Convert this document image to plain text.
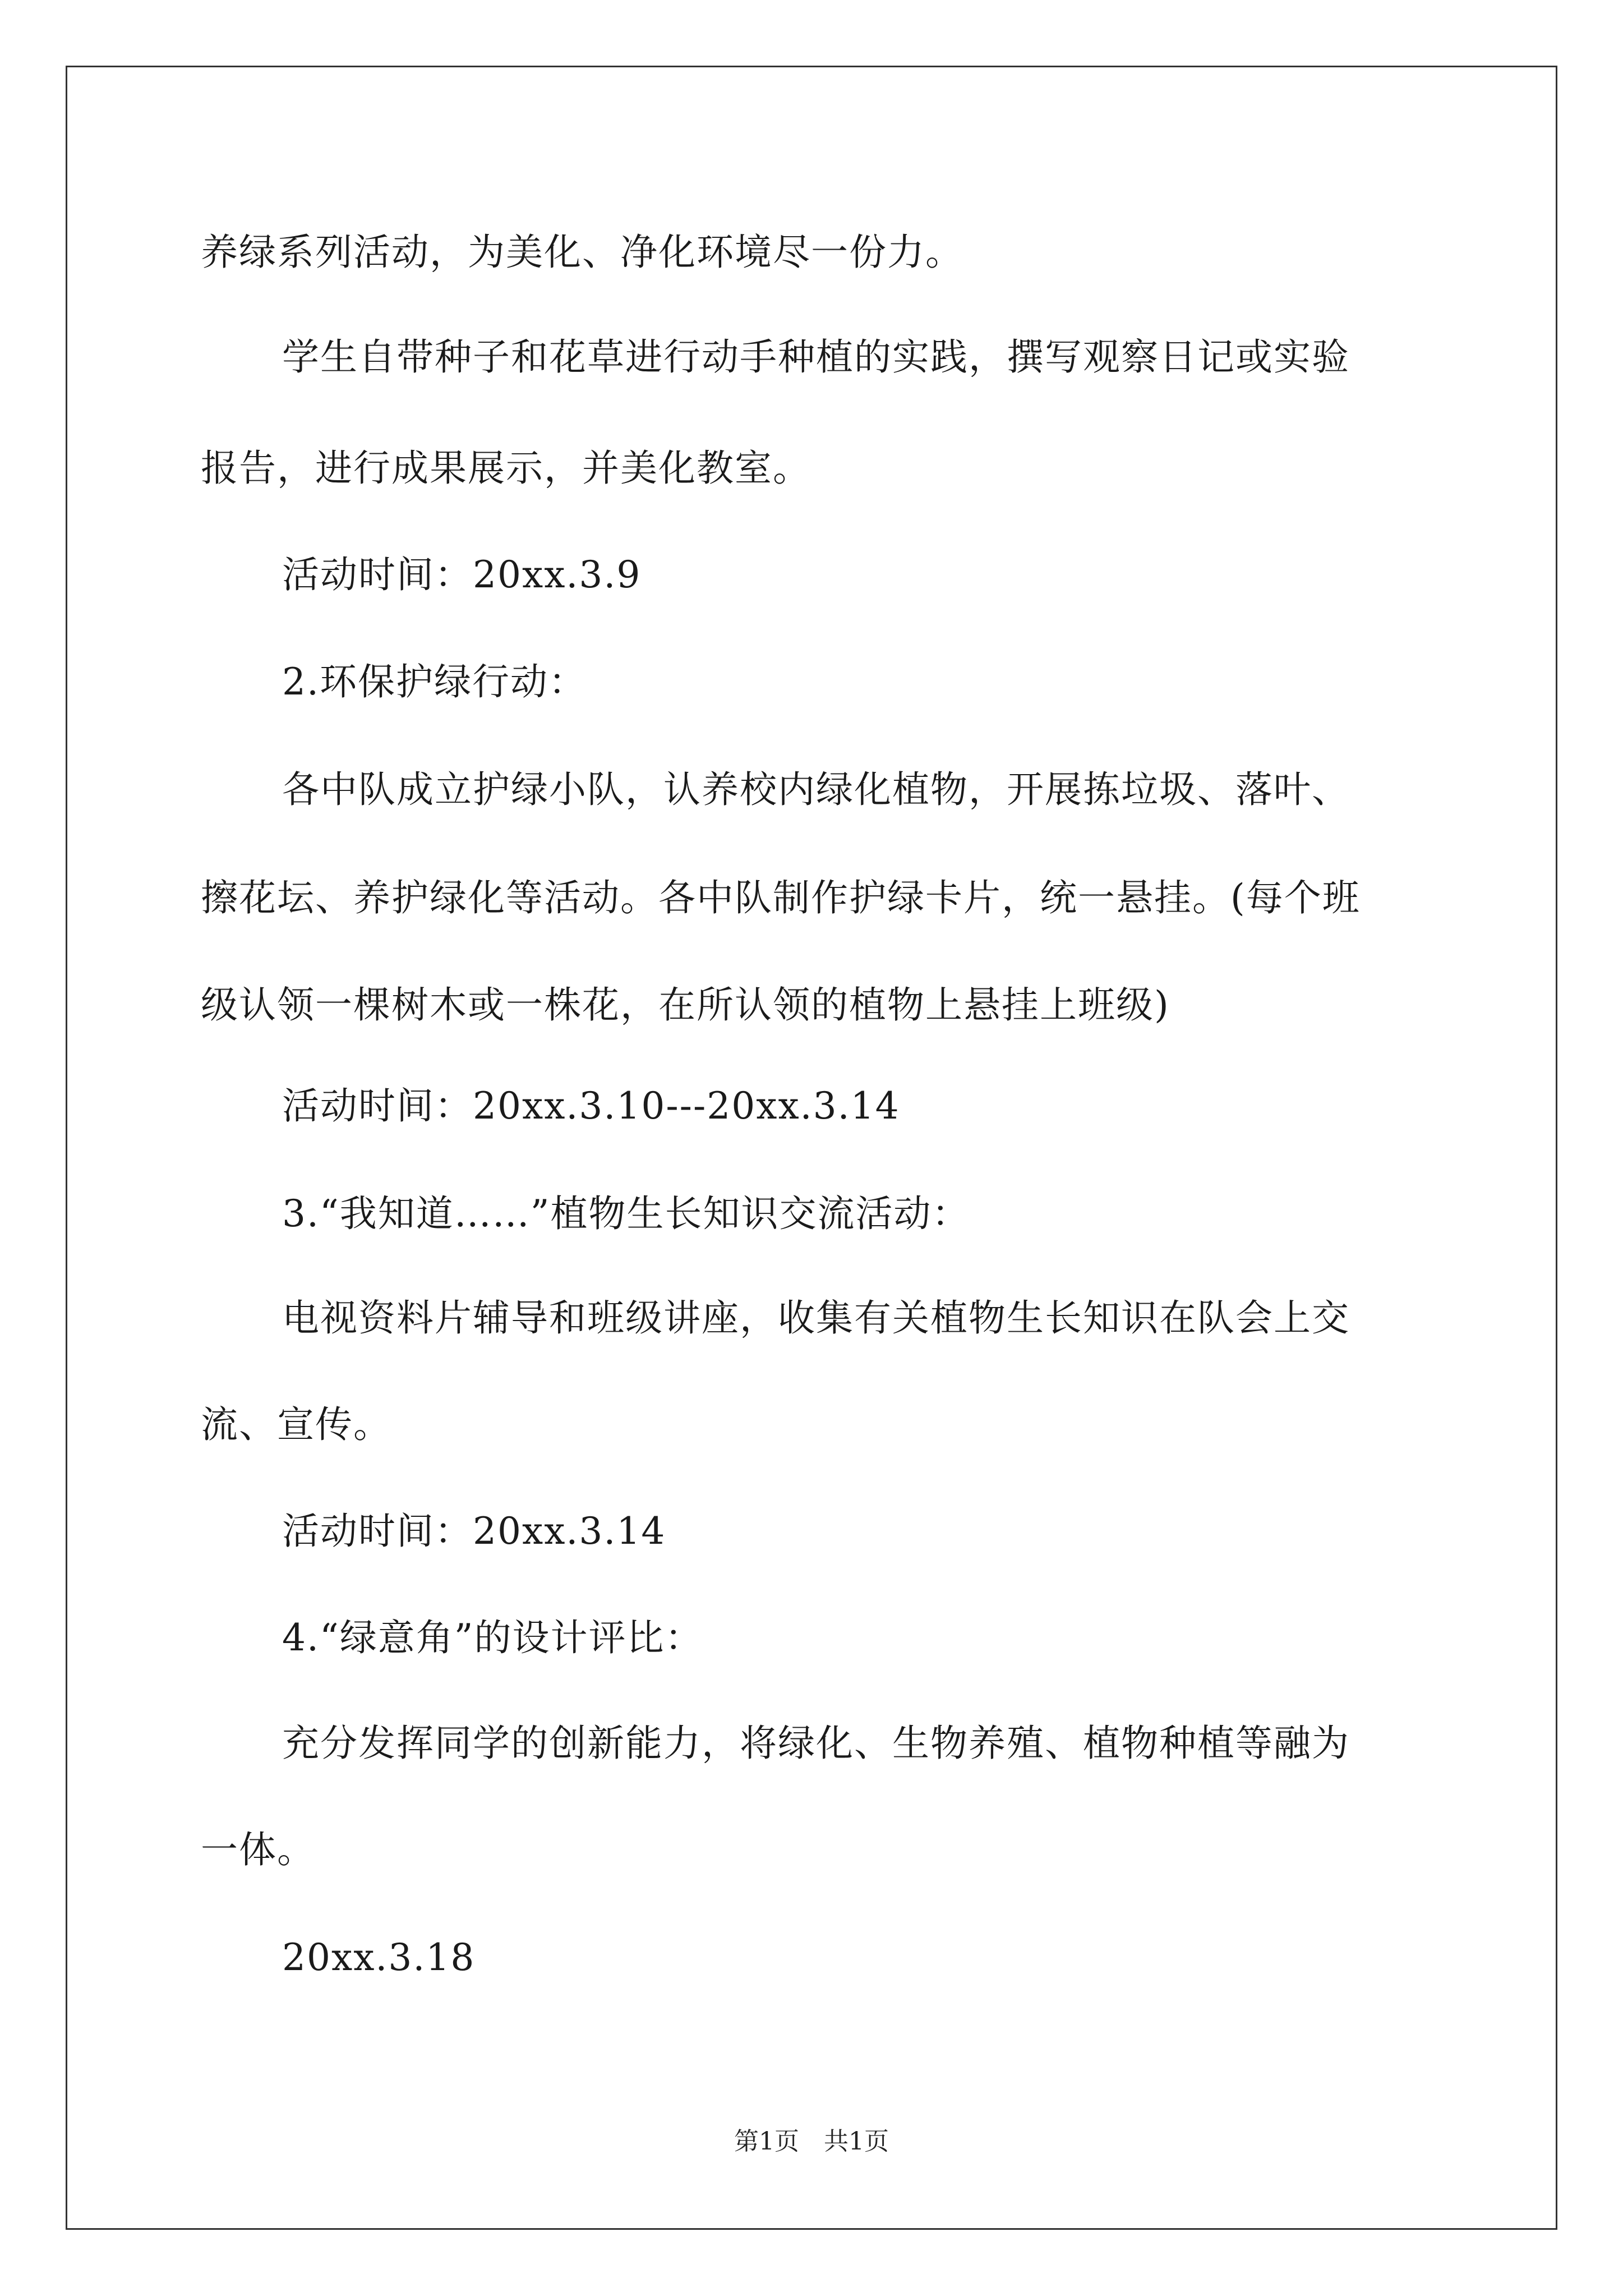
养绿系列活动，为美化、净化环境尽一份力。
学生自带种子和花草进行动手种植的实践，撰写观察日记或实验
报告，进行成果展示，并美化教室。
活动时间：20xx.3.9
2.环保护绿行动：
各中队成立护绿小队，认养校内绿化植物，开展拣垃圾、落叶、
擦花坛、养护绿化等活动。各中队制作护绿卡片，统一悬挂。(每个班
级认领一棵树木或一株花，在所认领的植物上悬挂上班级)
活动时间：20xx.3.10---20xx.3.14
3.“我知道……”植物生长知识交流活动：
电视资料片辅导和班级讲座，收集有关植物生长知识在队会上交
流、宣传。
活动时间：20xx.3.14
4.“绿意角”的设计评比：
充分发挥同学的创新能力，将绿化、生物养殖、植物种植等融为
一体。
20xx.3.18
第1页　共1页
